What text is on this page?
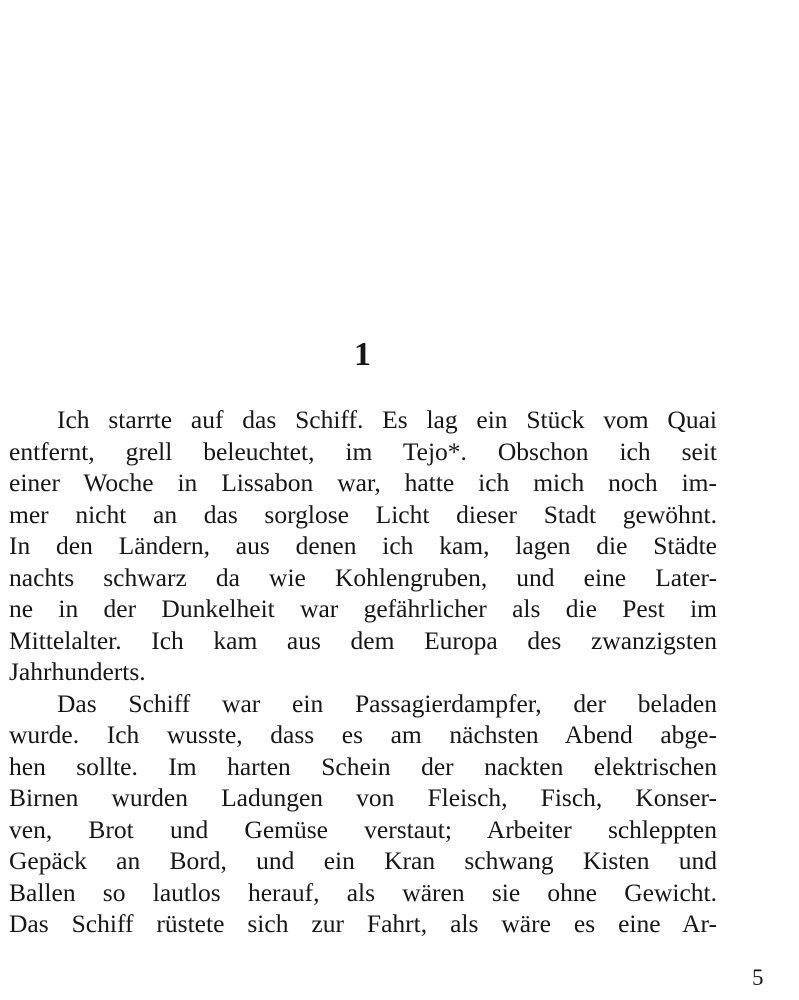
1
Ich starrte auf das Schiff. Es lag ein Stück vom Quai
entfernt, grell beleuchtet, im Tejo*. Obschon ich seit
einer Woche in Lissabon war, hatte ich mich noch im-
mer nicht an das sorglose Licht dieser Stadt gewöhnt.
In den Ländern, aus denen ich kam, lagen die Städte
nachts schwarz da wie Kohlengruben, und eine Later-
ne in der Dunkelheit war gefährlicher als die Pest im
Mittelalter. Ich kam aus dem Europa des zwanzigsten
Jahrhunderts.
Das Schiff war ein Passagierdampfer, der beladen
wurde. Ich wusste, dass es am nächsten Abend abge-
hen sollte. Im harten Schein der nackten elektrischen
Birnen wurden Ladungen von Fleisch, Fisch, Konser-
ven, Brot und Gemüse verstaut; Arbeiter schleppten
Gepäck an Bord, und ein Kran schwang Kisten und
Ballen so lautlos herauf, als wären sie ohne Gewicht.
Das Schiff rüstete sich zur Fahrt, als wäre es eine Ar-
5
